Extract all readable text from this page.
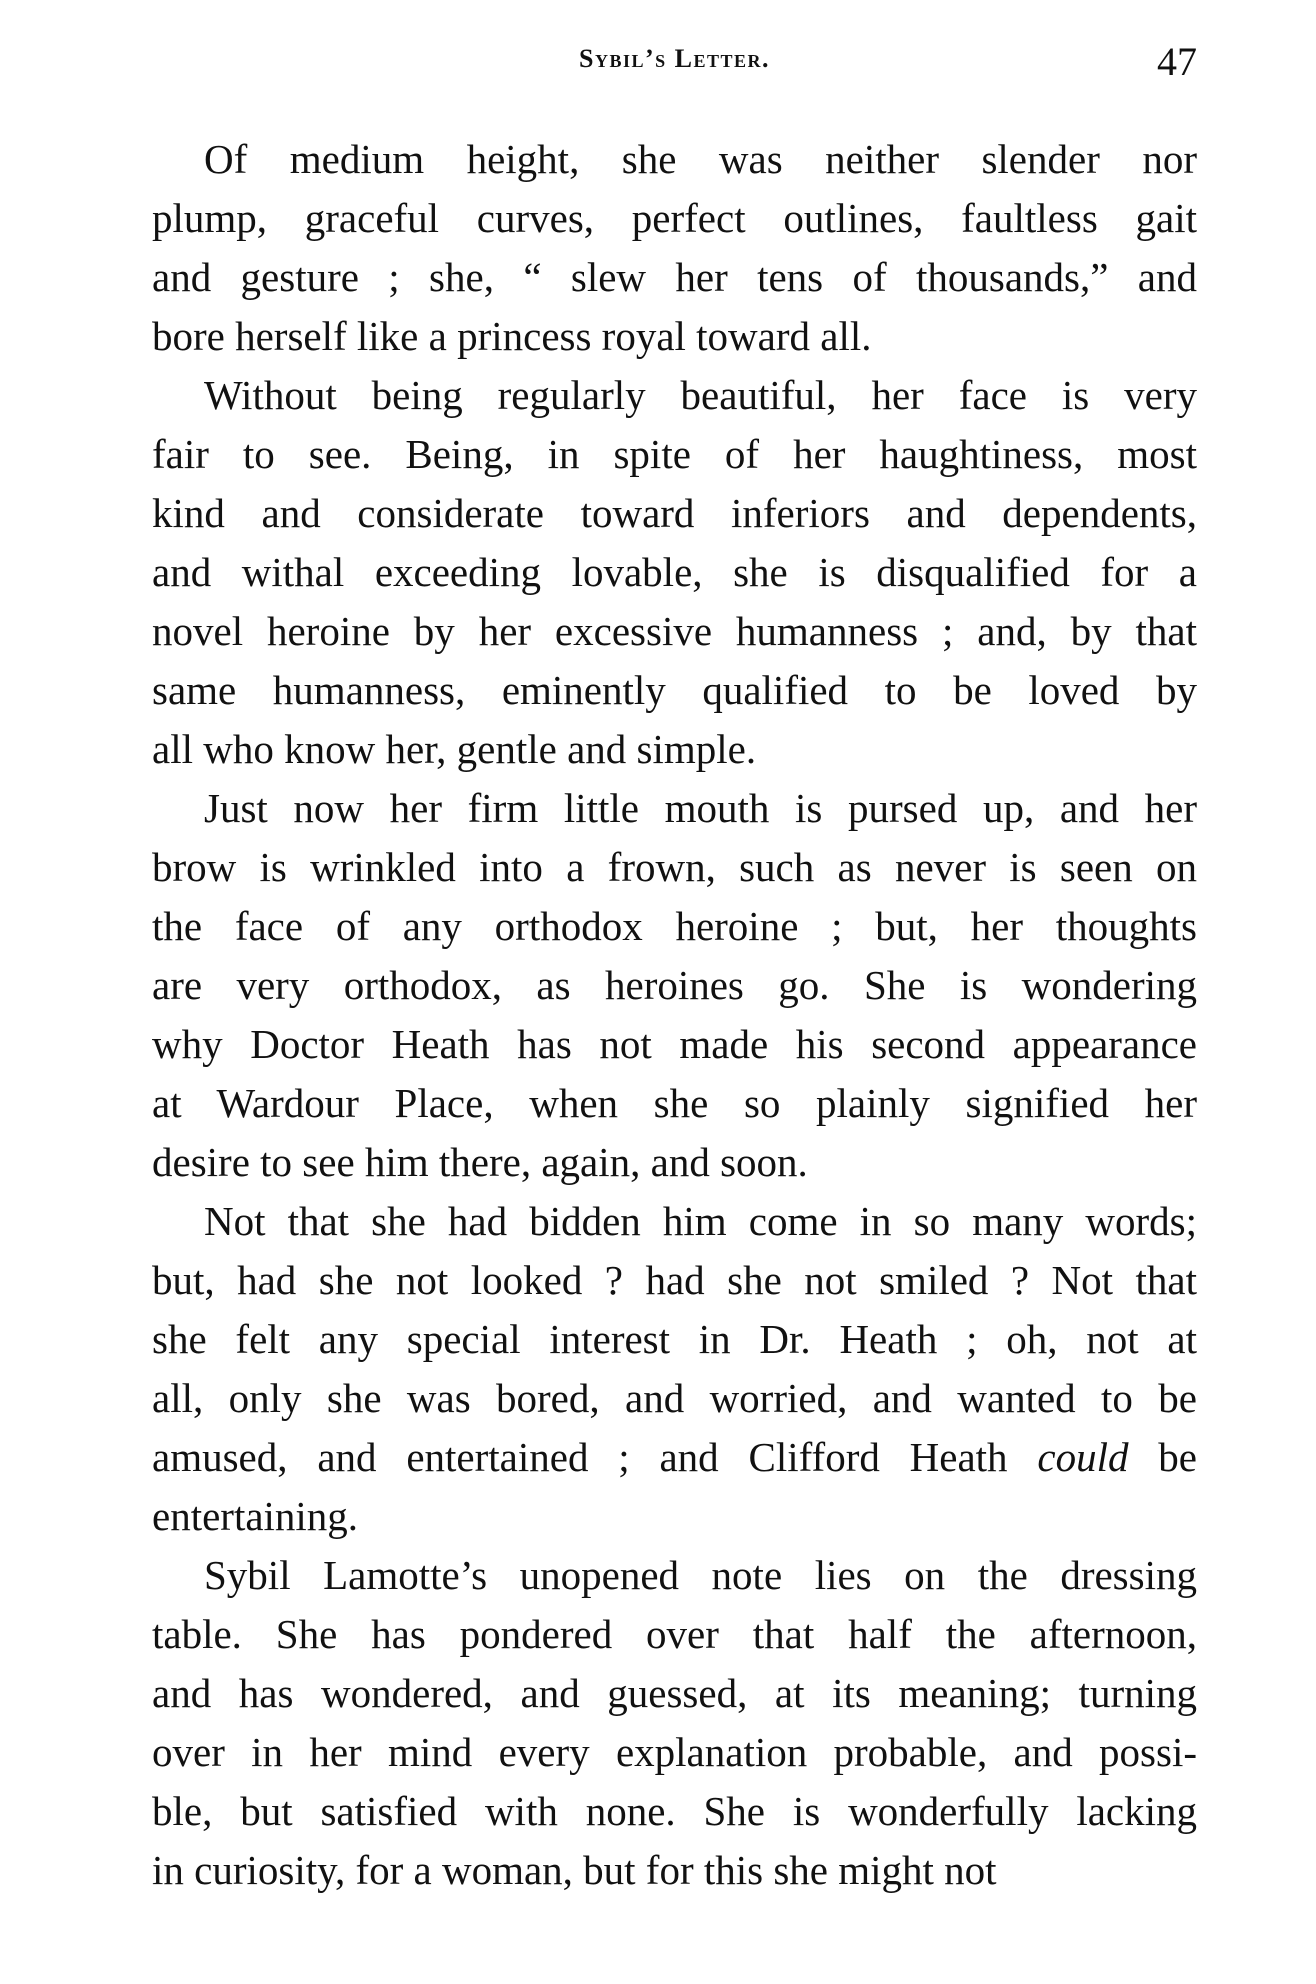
Sybil’s Letter.	47
Of medium height, she was neither slender nor
plump, graceful curves, perfect outlines, faultless gait
and gesture ; she, “ slew her tens of thousands,” and
bore herself like a princess royal toward all.
Without being regularly beautiful, her face is very
fair to see. Being, in spite of her haughtiness, most
kind and considerate toward inferiors and dependents,
and withal exceeding lovable, she is disqualified for a
novel heroine by her excessive humanness ; and, by that
same humanness, eminently qualified to be loved by
all who know her, gentle and simple.
Just now her firm little mouth is pursed up, and her
brow is wrinkled into a frown, such as never is seen on
the face of any orthodox heroine ; but, her thoughts
are very orthodox, as heroines go. She is wondering
why Doctor Heath has not made his second appearance
at Wardour Place, when she so plainly signified her
desire to see him there, again, and soon.
Not that she had bidden him come in so many words;
but, had she not looked ? had she not smiled ? Not that
she felt any special interest in Dr. Heath ; oh, not at
all, only she was bored, and worried, and wanted to be
amused, and entertained ; and Clifford Heath could be
entertaining.
Sybil Lamotte’s unopened note lies on the dressing
table. She has pondered over that half the afternoon,
and has wondered, and guessed, at its meaning; turning
over in her mind every explanation probable, and possi-
ble, but satisfied with none. She is wonderfully lacking
in curiosity, for a woman, but for this she might not
